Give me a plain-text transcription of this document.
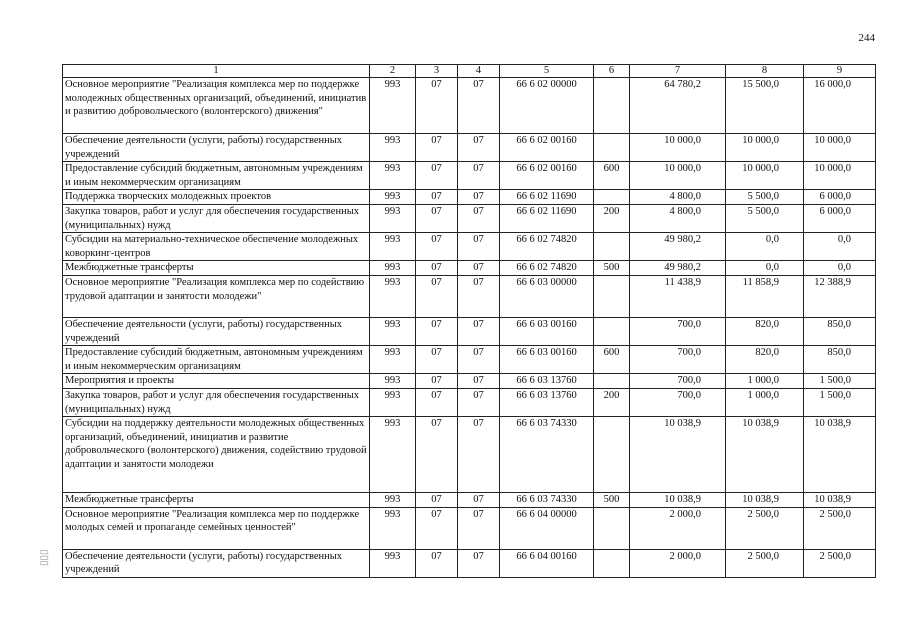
244
1	2	3	4	5	6	7	8	9
Основное мероприятие "Реализация комплекса мер по поддержке молодежных общественных организаций, объединений, инициатив и развитию добровольческого (волонтерского) движения"	993	07	07	66 6 02 00000		64 780,2	15 500,0	16 000,0
Обеспечение деятельности (услуги, работы) государственных учреждений	993	07	07	66 6 02 00160		10 000,0	10 000,0	10 000,0
Предоставление субсидий бюджетным, автономным учреждениям и иным некоммерческим организациям	993	07	07	66 6 02 00160	600	10 000,0	10 000,0	10 000,0
Поддержка творческих молодежных проектов	993	07	07	66 6 02 11690		4 800,0	5 500,0	6 000,0
Закупка товаров, работ и услуг для обеспечения государственных (муниципальных) нужд	993	07	07	66 6 02 11690	200	4 800,0	5 500,0	6 000,0
Субсидии на материально-техническое обеспечение молодежных коворкинг-центров	993	07	07	66 6 02 74820		49 980,2	0,0	0,0
Межбюджетные трансферты	993	07	07	66 6 02 74820	500	49 980,2	0,0	0,0
Основное мероприятие "Реализация комплекса мер по содействию трудовой адаптации и занятости молодежи"	993	07	07	66 6 03 00000		11 438,9	11 858,9	12 388,9
Обеспечение деятельности (услуги, работы) государственных учреждений	993	07	07	66 6 03 00160		700,0	820,0	850,0
Предоставление субсидий бюджетным, автономным учреждениям и иным некоммерческим организациям	993	07	07	66 6 03 00160	600	700,0	820,0	850,0
Мероприятия и проекты	993	07	07	66 6 03 13760		700,0	1 000,0	1 500,0
Закупка товаров, работ и услуг для обеспечения государственных (муниципальных) нужд	993	07	07	66 6 03 13760	200	700,0	1 000,0	1 500,0
Субсидии на поддержку деятельности молодежных общественных организаций, объединений, инициатив и развитие добровольческого (волонтерского) движения, содействию трудовой адаптации и занятости молодежи	993	07	07	66 6 03 74330		10 038,9	10 038,9	10 038,9
Межбюджетные трансферты	993	07	07	66 6 03 74330	500	10 038,9	10 038,9	10 038,9
Основное мероприятие "Реализация комплекса мер по поддержке молодых семей и пропаганде семейных ценностей"	993	07	07	66 6 04 00000		2 000,0	2 500,0	2 500,0
Обеспечение деятельности (услуги, работы) государственных учреждений	993	07	07	66 6 04 00160		2 000,0	2 500,0	2 500,0
▯▯▯
